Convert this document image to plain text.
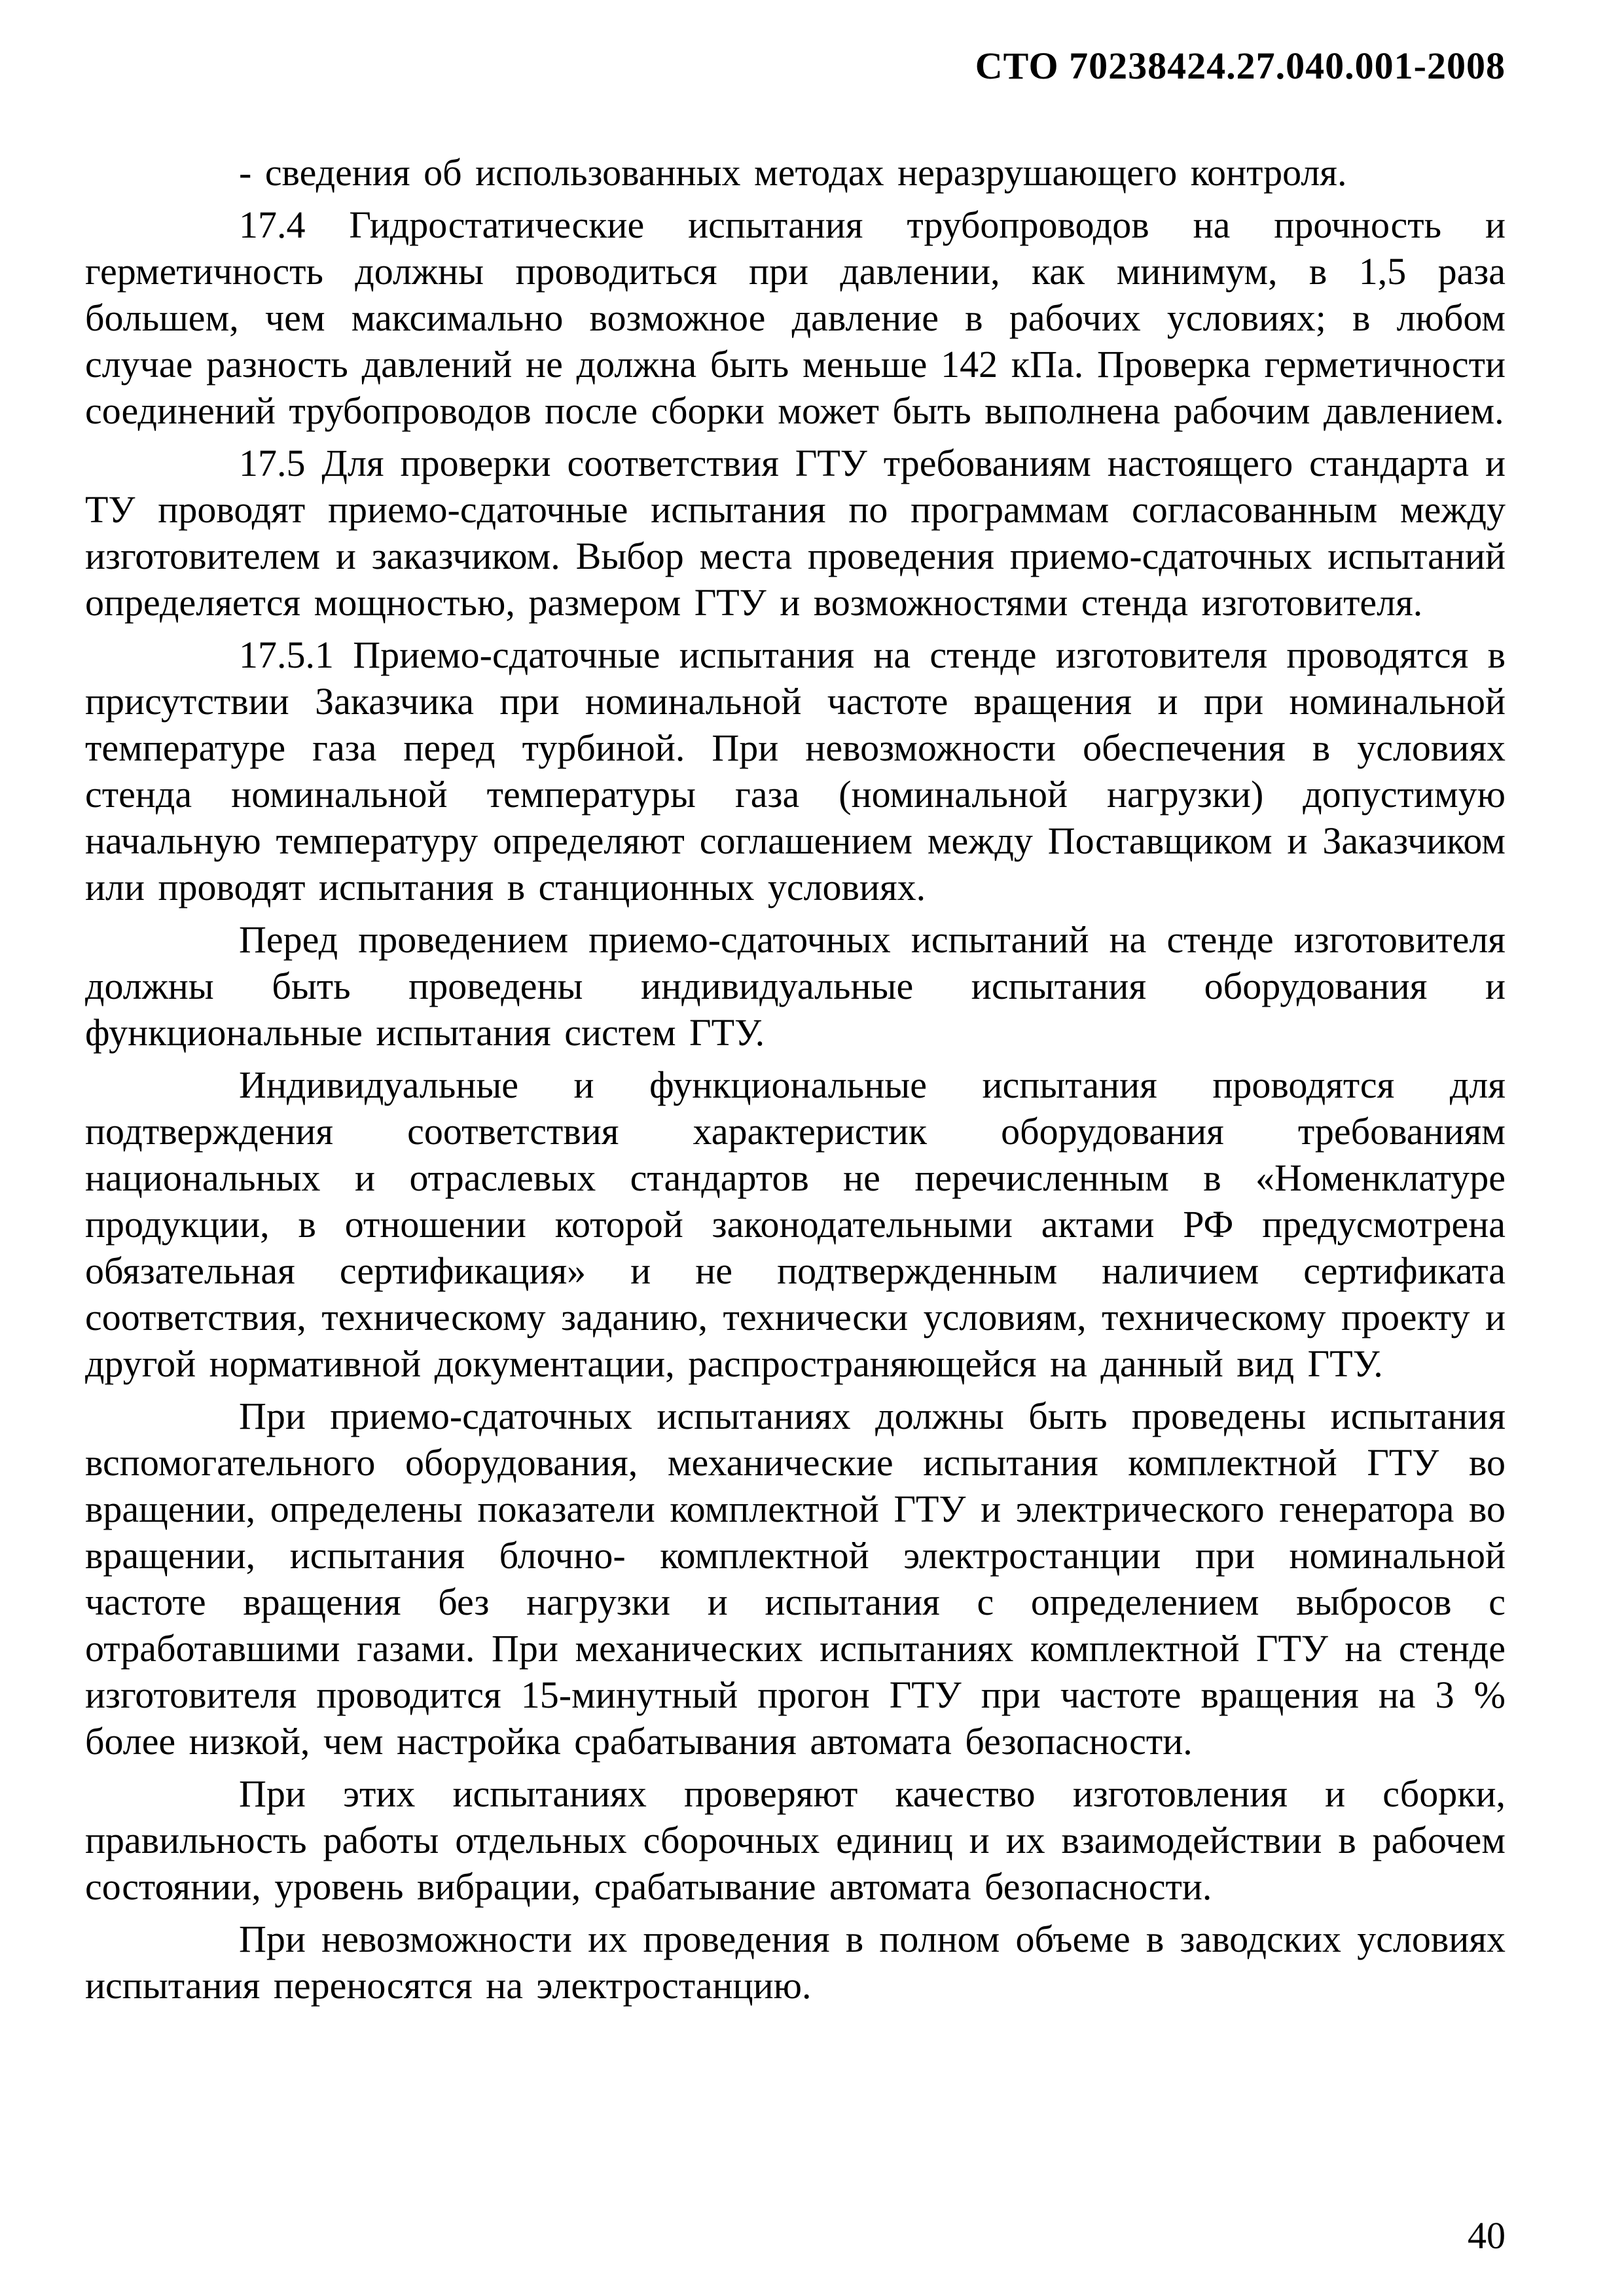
СТО 70238424.27.040.001-2008

- сведения об использованных методах неразрушающего контроля.

17.4 Гидростатические испытания трубопроводов на прочность и герметичность должны проводиться при давлении, как минимум, в 1,5 раза большем, чем максимально возможное давление в рабочих условиях; в любом случае разность давлений не должна быть меньше 142 кПа. Проверка герметичности соединений трубопроводов после сборки может быть выполнена рабочим давлением.

17.5 Для проверки соответствия ГТУ требованиям настоящего стандарта и ТУ проводят приемо-сдаточные испытания по программам согласованным между изготовителем и заказчиком. Выбор места проведения приемо-сдаточных испытаний определяется мощностью, размером ГТУ и возможностями стенда изготовителя.

17.5.1 Приемо-сдаточные испытания на стенде изготовителя проводятся в присутствии Заказчика при номинальной частоте вращения и при номинальной температуре газа перед турбиной. При невозможности обеспечения в условиях стенда номинальной температуры газа (номинальной нагрузки) допустимую начальную температуру определяют соглашением между Поставщиком и Заказчиком или проводят испытания в станционных условиях.

Перед проведением приемо-сдаточных испытаний на стенде изготовителя должны быть проведены индивидуальные испытания оборудования и функциональные испытания систем ГТУ.

Индивидуальные и функциональные испытания проводятся для подтверждения соответствия характеристик оборудования требованиям национальных и отраслевых стандартов не перечисленным в «Номенклатуре продукции, в отношении которой законодательными актами РФ предусмотрена обязательная сертификация» и не подтвержденным наличием сертификата соответствия, техническому заданию, технически условиям, техническому проекту и другой нормативной документации, распространяющейся на данный вид ГТУ.

При приемо-сдаточных испытаниях должны быть проведены испытания вспомогательного оборудования, механические испытания комплектной ГТУ во вращении, определены показатели комплектной ГТУ и электрического генератора во вращении, испытания блочно- комплектной электростанции при номинальной частоте вращения без нагрузки и испытания с определением выбросов с отработавшими газами. При механических испытаниях комплектной ГТУ на стенде изготовителя проводится 15-минутный прогон ГТУ при частоте вращения на 3 % более низкой, чем настройка срабатывания автомата безопасности.

При этих испытаниях проверяют качество изготовления и сборки, правильность работы отдельных сборочных единиц и их взаимодействии в рабочем состоянии, уровень вибрации, срабатывание автомата безопасности.

При невозможности их проведения в полном объеме в заводских условиях испытания переносятся на электростанцию.

40
